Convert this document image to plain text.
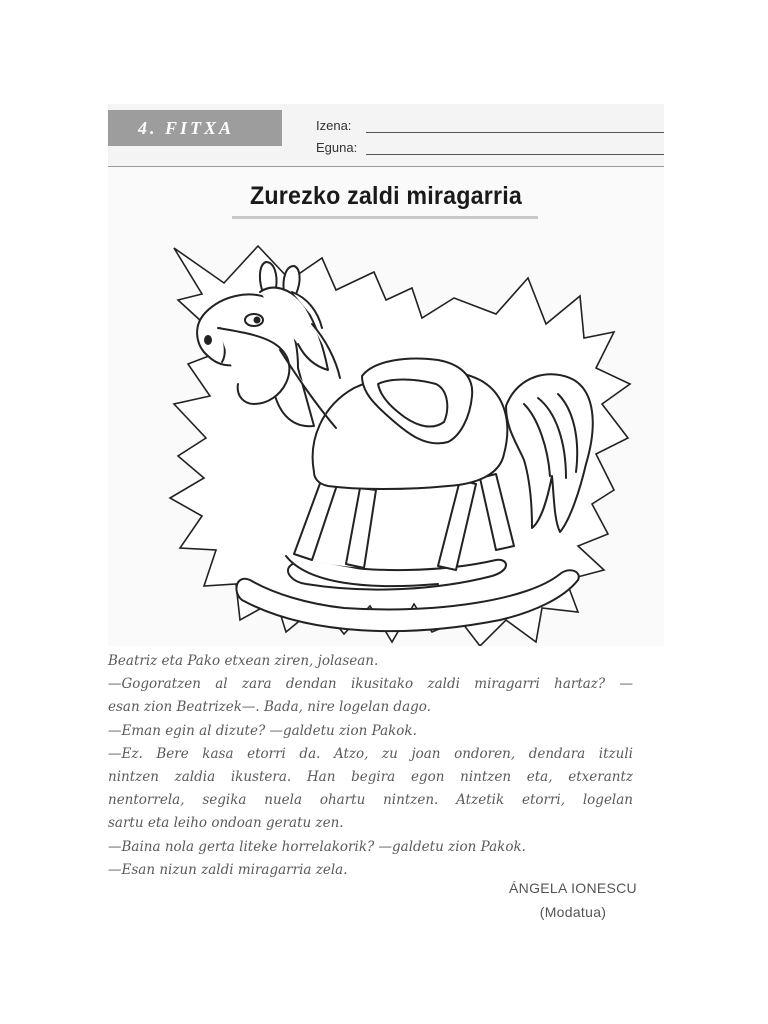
4. FITXA	Izena:
Eguna:
Zurezko zaldi miragarria

Beatriz eta Pako etxean ziren, jolasean.

—Gogoratzen al zara dendan ikusitako zaldi miragarri hartaz? —

esan zion Beatrizek—. Bada, nire logelan dago.

—Eman egin al dizute? —galdetu zion Pakok.

—Ez. Bere kasa etorri da. Atzo, zu joan ondoren, dendara itzuli

nintzen zaldia ikustera. Han begira egon nintzen eta, etxerantz

nentorrela, segika nuela ohartu nintzen. Atzetik etorri, logelan

sartu eta leiho ondoan geratu zen.

—Baina nola gerta liteke horrelakorik? —galdetu zion Pakok.

—Esan nizun zaldi miragarria zela.

ÁNGELA IONESCU
(Modatua)
